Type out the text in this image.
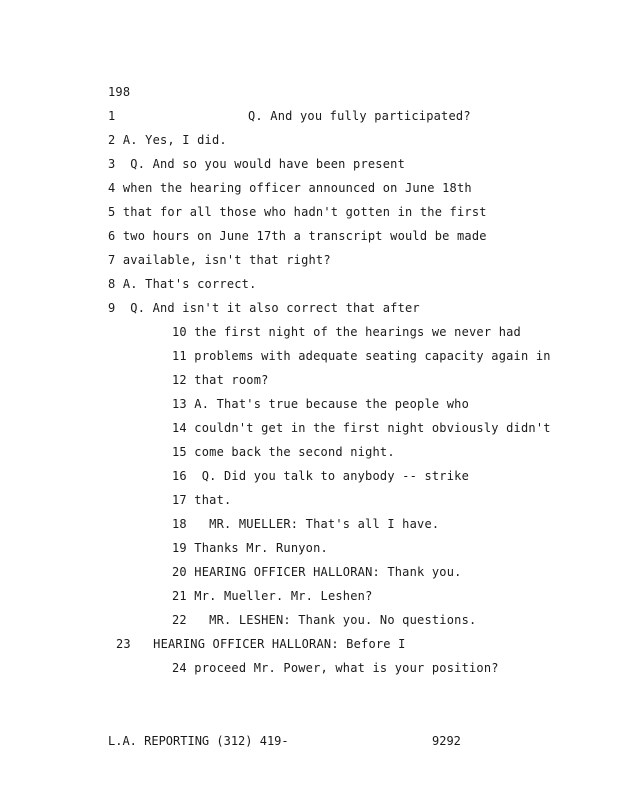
198
1	Q. And you fully participated?
2 A. Yes, I did.
3 Q. And so you would have been present
4 when the hearing officer announced on June 18th
5 that for all those who hadn't gotten in the first
6 two hours on June 17th a transcript would be made
7 available, isn't that right?
8 A. That's correct.
9 Q. And isn't it also correct that after
10 the first night of the hearings we never had
11 problems with adequate seating capacity again in
12 that room?
13 A. That's true because the people who
14 couldn't get in the first night obviously didn't
15 come back the second night.
16 Q. Did you talk to anybody -- strike
17 that.
18 MR. MUELLER: That's all I have.
19 Thanks Mr. Runyon.
20 HEARING OFFICER HALLORAN: Thank you.
21 Mr. Mueller. Mr. Leshen?
22 MR. LESHEN: Thank you. No questions.
23 HEARING OFFICER HALLORAN: Before I
24 proceed Mr. Power, what is your position?
L.A. REPORTING (312) 419-	9292
